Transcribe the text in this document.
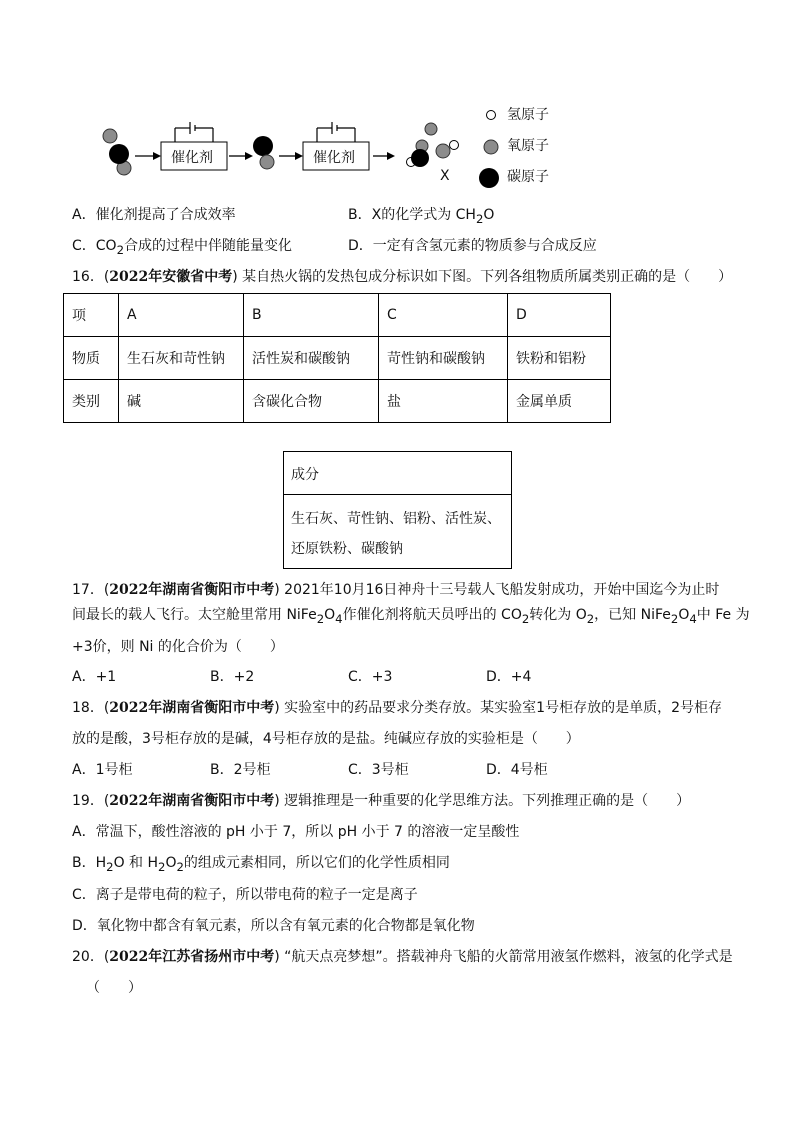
催化剂	催化剂
X
氢原子
氧原子
碳原子
A．催化剂提高了合成效率	B．X的化学式为 $CH_2O$
C．$CO_2$合成的过程中伴随能量变化	D．一定有含氢元素的物质参与合成反应
16．(2022年安徽省中考) 某自热火锅的发热包成分标识如下图。下列各组物质所属类别正确的是（　　）
项	A	B	C	D
物质	生石灰和苛性钠	活性炭和碳酸钠	苛性钠和碳酸钠	铁粉和铝粉
类别	碱	含碳化合物	盐	金属单质
成分
生石灰、苛性钠、铝粉、活性炭、
还原铁粉、碳酸钠
17．(2022年湖南省衡阳市中考) 2021年10月16日神舟十三号载人飞船发射成功，开始中国迄今为止时
间最长的载人飞行。太空舱里常用 $NiFe_2O_4$作催化剂将航天员呼出的 $CO_2$转化为 $O_2$，已知 $NiFe_2O_4$中 Fe 为
+3价，则 Ni 的化合价为（　　）
A．+1	B．+2	C．+3	D．+4
18．(2022年湖南省衡阳市中考) 实验室中的药品要求分类存放。某实验室1号柜存放的是单质，2号柜存
放的是酸，3号柜存放的是碱，4号柜存放的是盐。纯碱应存放的实验柜是（　　）
A．1号柜	B．2号柜	C．3号柜	D．4号柜
19．(2022年湖南省衡阳市中考) 逻辑推理是一种重要的化学思维方法。下列推理正确的是（　　）
A．常温下，酸性溶液的 pH 小于 7，所以 pH 小于 7 的溶液一定呈酸性
B．$H_2O$ 和 $H_2O_2$的组成元素相同，所以它们的化学性质相同
C．离子是带电荷的粒子，所以带电荷的粒子一定是离子
D．氧化物中都含有氧元素，所以含有氧元素的化合物都是氧化物
20．(2022年江苏省扬州市中考) “航天点亮梦想”。搭载神舟飞船的火箭常用液氢作燃料，液氢的化学式是
（　　）
